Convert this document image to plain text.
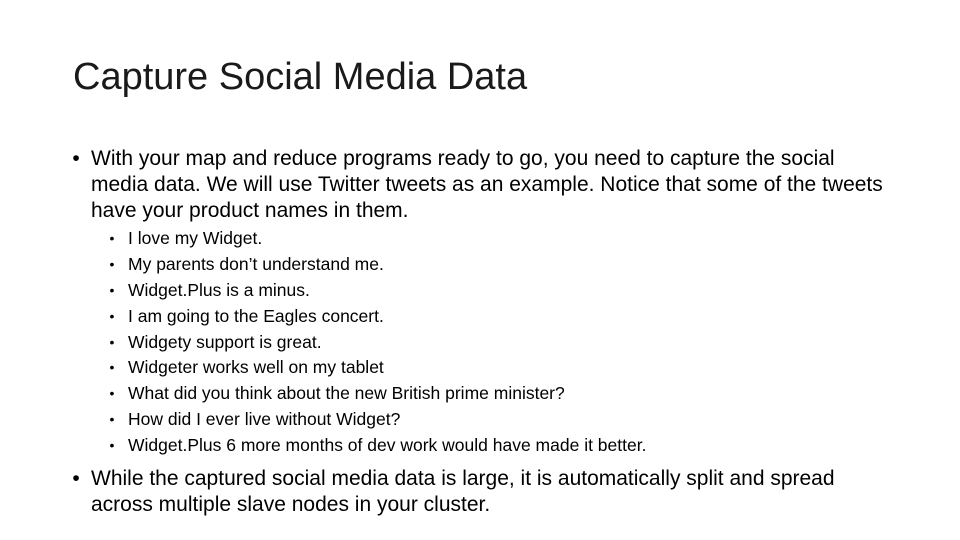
Capture Social Media Data
• With your map and reduce programs ready to go, you need to capture the social media data. We will use Twitter tweets as an example. Notice that some of the tweets have your product names in them.
• I love my Widget.
• My parents don’t understand me.
• Widget.Plus is a minus.
• I am going to the Eagles concert.
• Widgety support is great.
• Widgeter works well on my tablet
• What did you think about the new British prime minister?
• How did I ever live without Widget?
• Widget.Plus 6 more months of dev work would have made it better.
• While the captured social media data is large, it is automatically split and spread across multiple slave nodes in your cluster.
